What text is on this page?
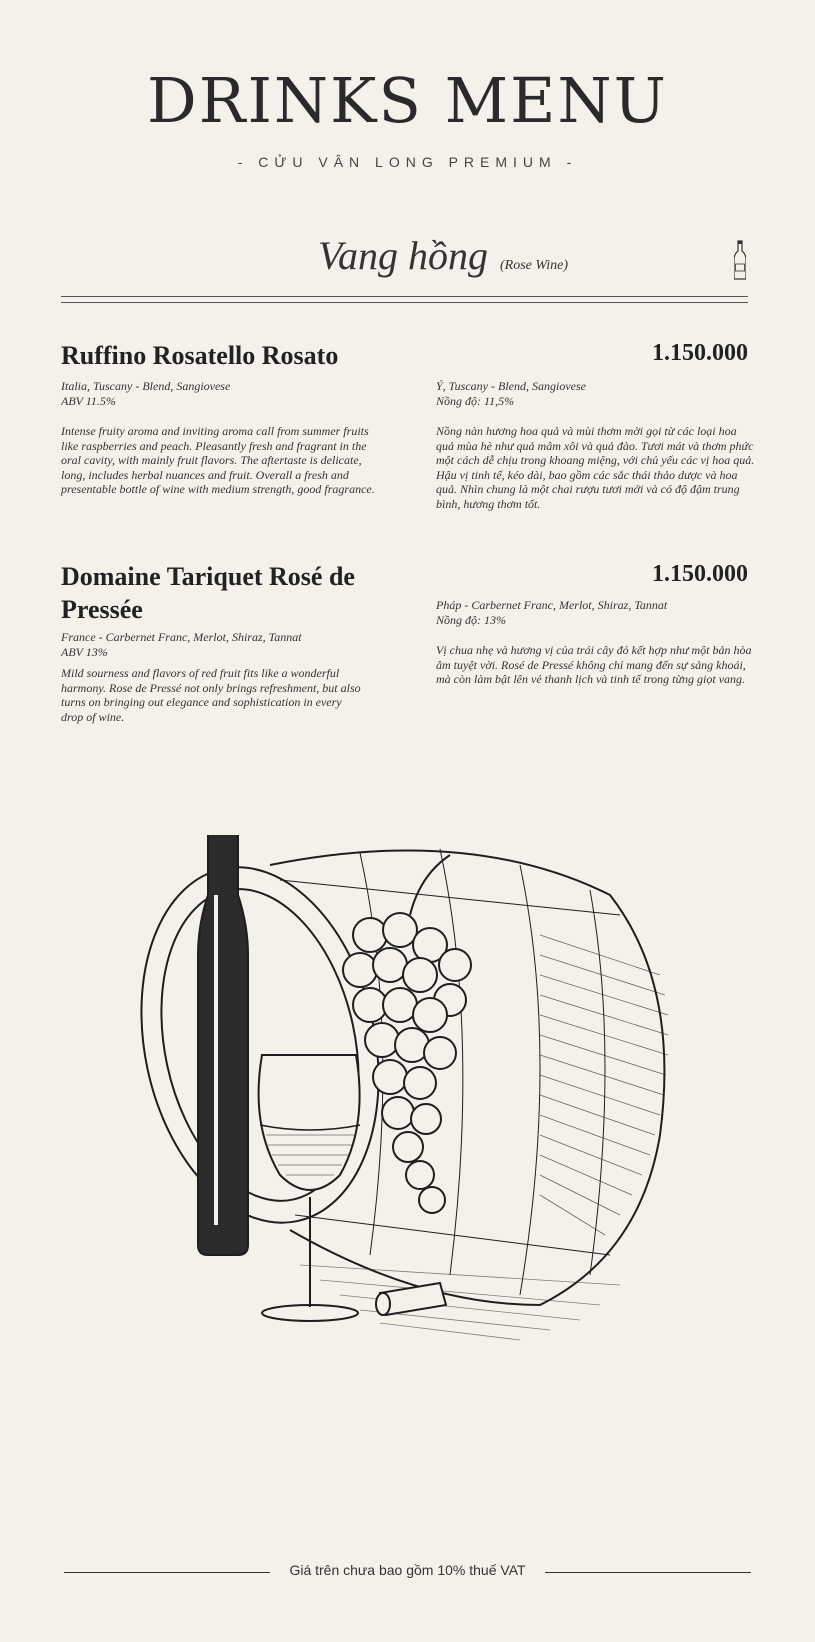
DRINKS MENU
- CỬU VÂN LONG PREMIUM -
Vang hồng (Rose Wine)
Ruffino Rosatello Rosato	1.150.000
Italia, Tuscany - Blend, Sangiovese
ABV 11.5%
Intense fruity aroma and inviting aroma call from summer fruits like raspberries and peach. Pleasantly fresh and fragrant in the oral cavity, with mainly fruit flavors. The aftertaste is delicate, long, includes herbal nuances and fruit. Overall a fresh and presentable bottle of wine with medium strength, good fragrance.
Ý, Tuscany - Blend, Sangiovese
Nồng độ: 11,5%
Nồng nàn hương hoa quả và mùi thơm mời gọi từ các loại hoa quả mùa hè như quả mâm xôi và quả đào. Tươi mát và thơm phức một cách dễ chịu trong khoang miệng, với chủ yếu các vị hoa quả. Hậu vị tinh tế, kéo dài, bao gồm các sắc thái thảo dược và hoa quả. Nhìn chung là một chai rượu tươi mới và có độ đậm trung bình, hương thơm tốt.
Domaine Tariquet Rosé de Pressée
1.150.000
France - Carbernet Franc, Merlot, Shiraz, Tannat
ABV 13%
Mild sourness and flavors of red fruit fits like a wonderful harmony. Rose de Pressé not only brings refreshment, but also turns on bringing out elegance and sophistication in every drop of wine.
Pháp - Carbernet Franc, Merlot, Shiraz, Tannat
Nồng độ: 13%
Vị chua nhẹ và hương vị của trái cây đỏ kết hợp như một bản hòa âm tuyệt vời. Rosé de Pressé không chỉ mang đến sự sảng khoái, mà còn làm bật lên vẻ thanh lịch và tinh tế trong từng giọt vang.
Giá trên chưa bao gồm 10% thuế VAT
